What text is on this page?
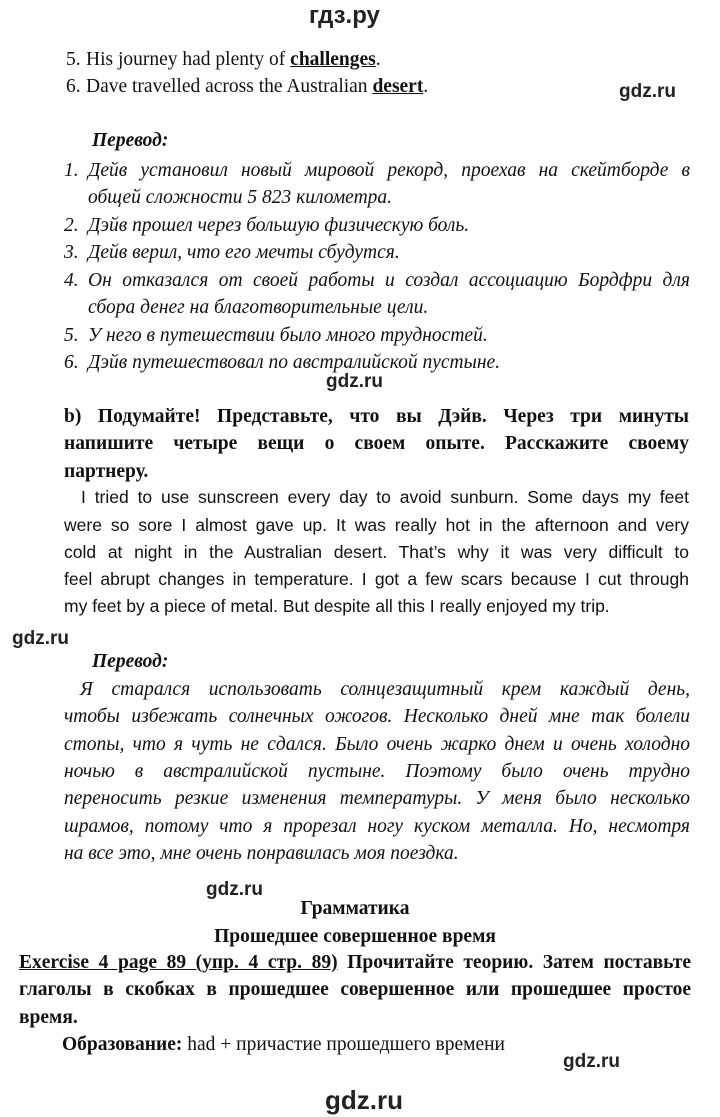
гдз.ру
gdz.ru
gdz.ru
gdz.ru
gdz.ru
gdz.ru
gdz.ru
5. His journey had plenty of challenges.
6. Dave travelled across the Australian desert.
Перевод:
1. Дейв установил новый мировой рекорд, проехав на скейтборде в
общей сложности 5 823 километра.
2. Дэйв прошел через большую физическую боль.
3. Дейв верил, что его мечты сбудутся.
4. Он отказался от своей работы и создал ассоциацию Бордфри для
сбора денег на благотворительные цели.
5. У него в путешествии было много трудностей.
6. Дэйв путешествовал по австралийской пустыне.
b) Подумайте! Представьте, что вы Дэйв. Через три минуты
напишите четыре вещи о своем опыте. Расскажите своему
партнеру.
I tried to use sunscreen every day to avoid sunburn. Some days my feet
were so sore I almost gave up. It was really hot in the afternoon and very
cold at night in the Australian desert. That’s why it was very difficult to
feel abrupt changes in temperature. I got a few scars because I cut through
my feet by a piece of metal. But despite all this I really enjoyed my trip.
Перевод:
Я старался использовать солнцезащитный крем каждый день,
чтобы избежать солнечных ожогов. Несколько дней мне так болели
стопы, что я чуть не сдался. Было очень жарко днем и очень холодно
ночью в австралийской пустыне. Поэтому было очень трудно
переносить резкие изменения температуры. У меня было несколько
шрамов, потому что я прорезал ногу куском металла. Но, несмотря
на все это, мне очень понравилась моя поездка.
Грамматика
Прошедшее совершенное время
Exercise 4 page 89 (упр. 4 стр. 89) Прочитайте теорию. Затем поставьте
глаголы в скобках в прошедшее совершенное или прошедшее простое
время.
Образование: had + причастие прошедшего времени
